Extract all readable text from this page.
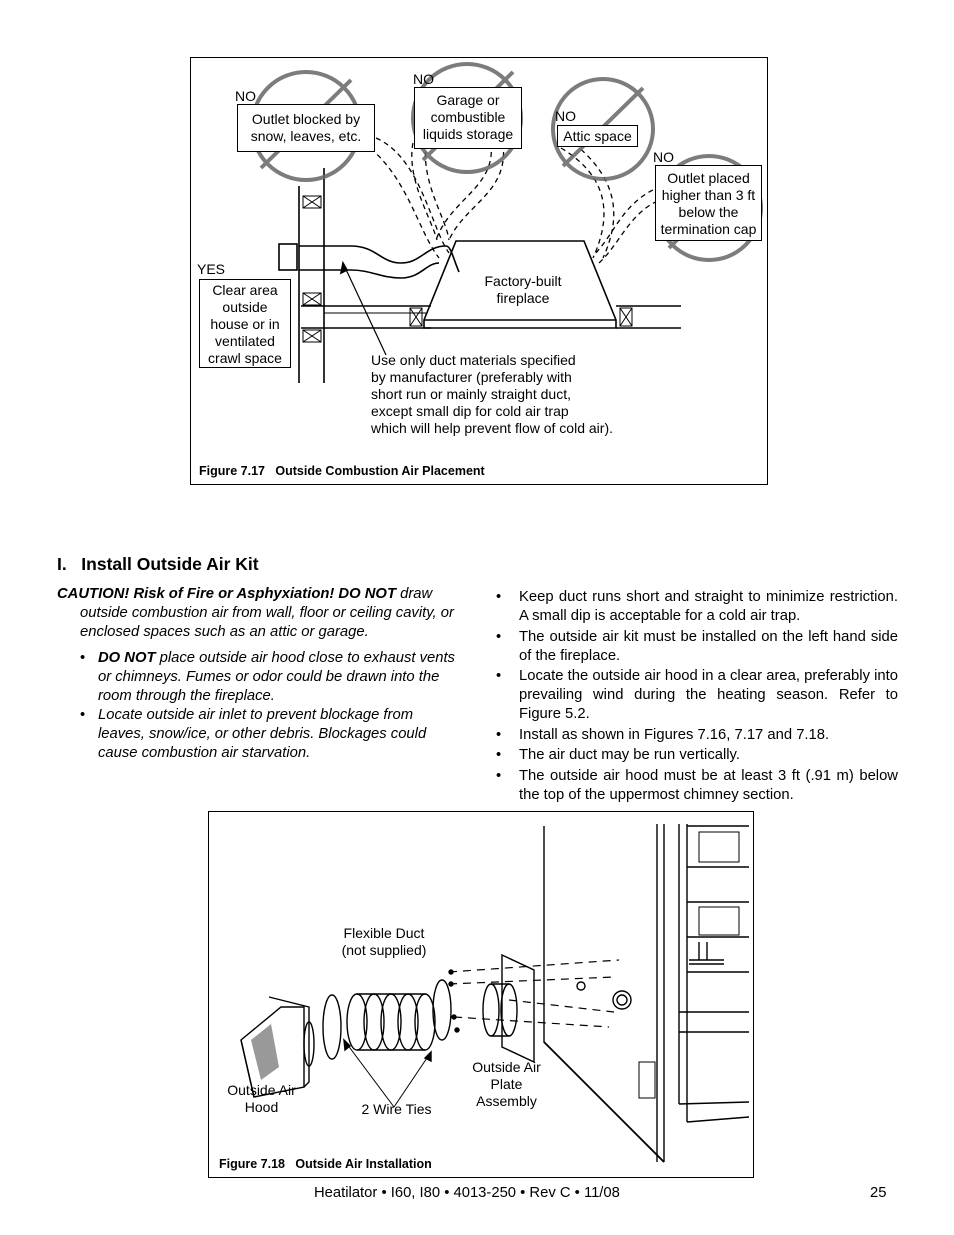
NO
Outlet blocked by
snow, leaves, etc.
NO
Garage or
combustible
liquids storage
NO
Attic space
NO
Outlet placed
higher than 3 ft
below the
termination cap
YES
Clear area
outside
house or in
ventilated
crawl space
Factory-built
fireplace
Use only duct materials specified
by manufacturer (preferably with
short run or mainly straight duct,
except small dip for cold air trap
which will help prevent flow of cold air).
Figure 7.17   Outside Combustion Air Placement
I.   Install Outside Air Kit
CAUTION! Risk of Fire or Asphyxiation! DO NOT draw outside combustion air from wall, floor or ceiling cavity, or enclosed spaces such as an attic or garage.
• DO NOT place outside air hood close to exhaust vents or chimneys. Fumes or odor could be drawn into the room through the fireplace.
• Locate outside air inlet to prevent blockage from leaves, snow/ice, or other debris. Blockages could cause combustion air starvation.
• Keep duct runs short and straight to minimize restriction. A small dip is acceptable for a cold air trap.
• The outside air kit must be installed on the left hand side of the fireplace.
• Locate the outside air hood in a clear area, preferably into prevailing wind during the heating season. Refer to Figure 5.2.
• Install as shown in Figures 7.16, 7.17 and 7.18.
• The air duct may be run vertically.
• The outside air hood must be at least 3 ft (.91 m) below the top of the uppermost chimney section.
Flexible Duct
(not supplied)
Outside Air
Hood	2 Wire Ties
Outside Air
Plate
Assembly
Figure 7.18   Outside Air Installation
Heatilator • I60, I80 • 4013-250 • Rev C • 11/08	25
